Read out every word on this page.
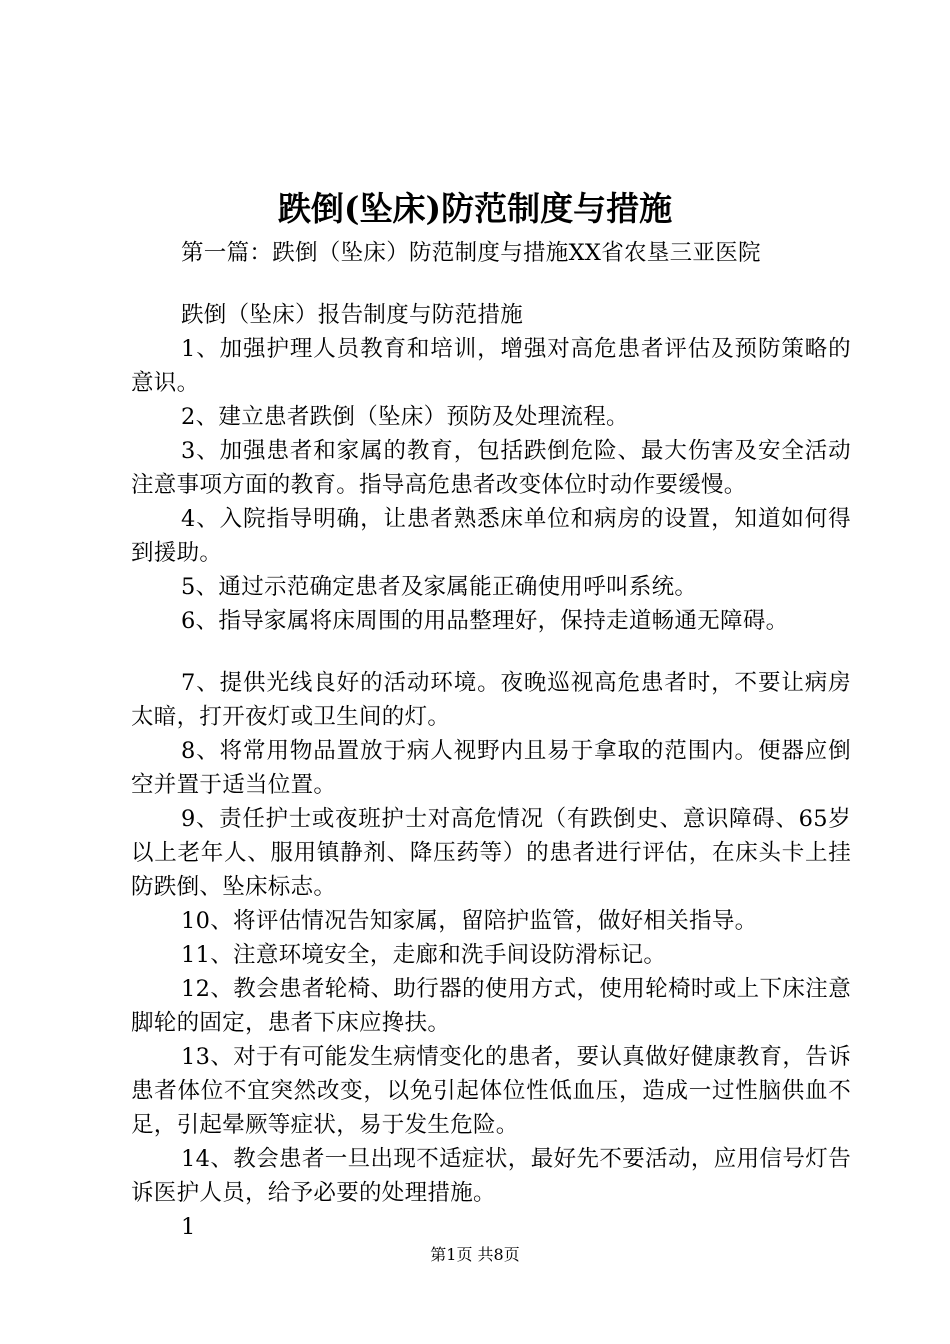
跌倒(坠床)防范制度与措施

第一篇：跌倒（坠床）防范制度与措施XX省农垦三亚医院

跌倒（坠床）报告制度与防范措施

1、加强护理人员教育和培训，增强对高危患者评估及预防策略的意识。

2、建立患者跌倒（坠床）预防及处理流程。

3、加强患者和家属的教育，包括跌倒危险、最大伤害及安全活动注意事项方面的教育。指导高危患者改变体位时动作要缓慢。

4、入院指导明确，让患者熟悉床单位和病房的设置，知道如何得到援助。

5、通过示范确定患者及家属能正确使用呼叫系统。

6、指导家属将床周围的用品整理好，保持走道畅通无障碍。

7、提供光线良好的活动环境。夜晚巡视高危患者时，不要让病房太暗，打开夜灯或卫生间的灯。

8、将常用物品置放于病人视野内且易于拿取的范围内。便器应倒空并置于适当位置。

9、责任护士或夜班护士对高危情况（有跌倒史、意识障碍、65岁以上老年人、服用镇静剂、降压药等）的患者进行评估，在床头卡上挂防跌倒、坠床标志。

10、将评估情况告知家属，留陪护监管，做好相关指导。

11、注意环境安全，走廊和洗手间设防滑标记。

12、教会患者轮椅、助行器的使用方式，使用轮椅时或上下床注意脚轮的固定，患者下床应搀扶。

13、对于有可能发生病情变化的患者，要认真做好健康教育，告诉患者体位不宜突然改变，以免引起体位性低血压，造成一过性脑供血不足，引起晕厥等症状，易于发生危险。

14、教会患者一旦出现不适症状，最好先不要活动，应用信号灯告诉医护人员，给予必要的处理措施。

1

第1页 共8页
